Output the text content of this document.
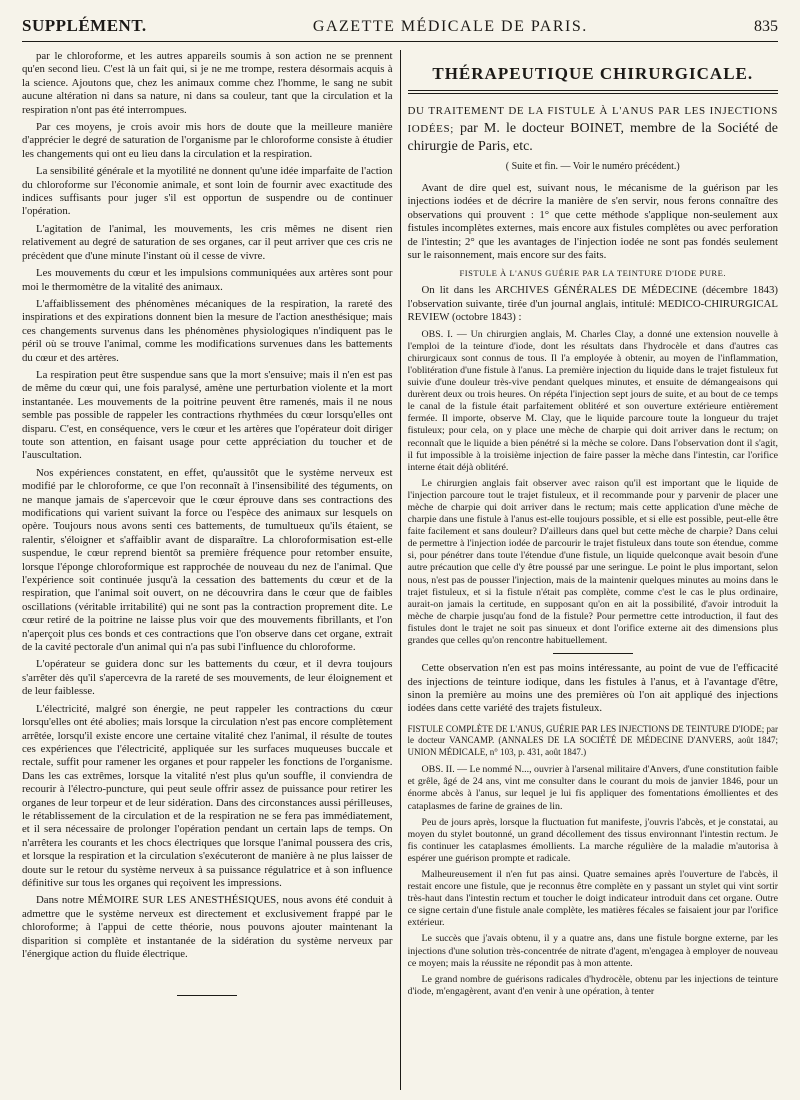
SUPPLÉMENT.	GAZETTE MÉDICALE DE PARIS.	835

par le chloroforme, et les autres appareils soumis à son action ne se prennent qu'en second lieu. C'est là un fait qui, si je ne me trompe, restera désormais acquis à la science. Ajoutons que, chez les animaux comme chez l'homme, le sang ne subit aucune altération ni dans sa nature, ni dans sa couleur, tant que la circulation et la respiration n'ont pas été interrompues.

Par ces moyens, je crois avoir mis hors de doute que la meilleure manière d'apprécier le degré de saturation de l'organisme par le chloroforme consiste à étudier les changements qui ont eu lieu dans la circulation et la respiration.

La sensibilité générale et la myotilité ne donnent qu'une idée imparfaite de l'action du chloroforme sur l'économie animale, et sont loin de fournir avec exactitude des indices suffisants pour juger s'il est opportun de suspendre ou de continuer l'opération.

L'agitation de l'animal, les mouvements, les cris mêmes ne disent rien relativement au degré de saturation de ses organes, car il peut arriver que ces cris ne précèdent que d'une minute l'instant où il cesse de vivre.

Les mouvements du cœur et les impulsions communiquées aux artères sont pour moi le thermomètre de la vitalité des animaux.

L'affaiblissement des phénomènes mécaniques de la respiration, la rareté des inspirations et des expirations donnent bien la mesure de l'action anesthésique; mais ces changements survenus dans les phénomènes physiologiques n'indiquent pas le péril où se trouve l'animal, comme les modifications survenues dans les battements du cœur et des artères.

La respiration peut être suspendue sans que la mort s'ensuive; mais il n'en est pas de même du cœur qui, une fois paralysé, amène une perturbation violente et la mort instantanée. Les mouvements de la poitrine peuvent être ramenés, mais il ne nous semble pas possible de rappeler les contractions rhythmées du cœur lorsqu'elles ont disparu. C'est, en conséquence, vers le cœur et les artères que l'opérateur doit diriger toute son attention, en faisant usage pour cette appréciation du toucher et de l'auscultation.

Nos expériences constatent, en effet, qu'aussitôt que le système nerveux est modifié par le chloroforme, ce que l'on reconnaît à l'insensibilité des téguments, on ne manque jamais de s'apercevoir que le cœur éprouve dans ses contractions des modifications qui varient suivant la force ou l'espèce des animaux sur lesquels on opère. Toujours nous avons senti ces battements, de tumultueux qu'ils étaient, se ralentir, s'éloigner et s'affaiblir avant de disparaître. La chloroformisation est-elle suspendue, le cœur reprend bientôt sa première fréquence pour retomber ensuite, lorsque l'éponge chloroformique est rapprochée de nouveau du nez de l'animal. Que l'expérience soit continuée jusqu'à la cessation des battements du cœur et de la respiration, que l'animal soit ouvert, on ne découvrira dans le cœur que de faibles oscillations (véritable irritabilité) qui ne sont pas la contraction proprement dite. Le cœur retiré de la poitrine ne laisse plus voir que des mouvements fibrillants, et l'on n'aperçoit plus ces bonds et ces contractions que l'on observe dans cet organe, extrait de la cavité pectorale d'un animal qui n'a pas subi l'influence du chloroforme.

L'opérateur se guidera donc sur les battements du cœur, et il devra toujours s'arrêter dès qu'il s'apercevra de la rareté de ses mouvements, de leur éloignement et de leur faiblesse.

L'électricité, malgré son énergie, ne peut rappeler les contractions du cœur lorsqu'elles ont été abolies; mais lorsque la circulation n'est pas encore complètement arrêtée, lorsqu'il existe encore une certaine vitalité chez l'animal, il résulte de toutes ces expériences que l'électricité, appliquée sur les surfaces muqueuses buccale et rectale, suffit pour ramener les organes et pour rappeler les fonctions de l'organisme. Dans les cas extrêmes, lorsque la vitalité n'est plus qu'un souffle, il conviendra de recourir à l'électro-puncture, qui peut seule offrir assez de puissance pour retirer les organes de leur torpeur et de leur sidération. Dans des circonstances aussi périlleuses, le rétablissement de la circulation et de la respiration ne se fera pas immédiatement, et il sera nécessaire de prolonger l'opération pendant un certain laps de temps. On n'arrêtera les courants et les chocs électriques que lorsque l'animal poussera des cris, et lorsque la respiration et la circulation s'exécuteront de manière à ne plus laisser de doute sur le retour du système nerveux à sa puissance régulatrice et à son influence définitive sur tous les organes qui reçoivent les impressions.

Dans notre MÉMOIRE SUR LES ANESTHÉSIQUES, nous avons été conduit à admettre que le système nerveux est directement et exclusivement frappé par le chloroforme; à l'appui de cette théorie, nous pouvons ajouter maintenant la disparition si complète et instantanée de la sidération du système nerveux par l'énergique action du fluide électrique.

THÉRAPEUTIQUE CHIRURGICALE.
DU TRAITEMENT DE LA FISTULE À L'ANUS PAR LES INJECTIONS IODÉES; par M. le docteur BOINET, membre de la Société de chirurgie de Paris, etc.
( Suite et fin. — Voir le numéro précédent.)

Avant de dire quel est, suivant nous, le mécanisme de la guérison par les injections iodées et de décrire la manière de s'en servir, nous ferons connaître des observations qui prouvent : 1° que cette méthode s'applique non-seulement aux fistules incomplètes externes, mais encore aux fistules complètes ou avec perforation de l'intestin; 2° que les avantages de l'injection iodée ne sont pas fondés seulement sur le raisonnement, mais encore sur des faits.

FISTULE À L'ANUS GUÉRIE PAR LA TEINTURE D'IODE PURE.

On lit dans les ARCHIVES GÉNÉRALES DE MÉDECINE (décembre 1843) l'observation suivante, tirée d'un journal anglais, intitulé: MEDICO-CHIRURGICAL REVIEW (octobre 1843) :

OBS. I. — Un chirurgien anglais, M. Charles Clay, a donné une extension nouvelle à l'emploi de la teinture d'iode, dont les résultats dans l'hydrocèle et dans d'autres cas chirurgicaux sont connus de tous. Il l'a employée à obtenir, au moyen de l'inflammation, l'oblitération d'une fistule à l'anus. La première injection du liquide dans le trajet fistuleux fut suivie d'une douleur très-vive pendant quelques minutes, et ensuite de démangeaisons qui durèrent deux ou trois heures. On répéta l'injection sept jours de suite, et au bout de ce temps le canal de la fistule était parfaitement oblitéré et son ouverture extérieure entièrement fermée. Il importe, observe M. Clay, que le liquide parcoure toute la longueur du trajet fistuleux; pour cela, on y place une mèche de charpie qui doit arriver dans le rectum; on reconnaît que le liquide a bien pénétré si la mèche se colore. Dans l'observation dont il s'agit, il fut impossible à la troisième injection de faire passer la mèche dans l'intestin, car l'orifice interne était déjà oblitéré.

Le chirurgien anglais fait observer avec raison qu'il est important que le liquide de l'injection parcoure tout le trajet fistuleux, et il recommande pour y parvenir de placer une mèche de charpie qui doit arriver dans le rectum; mais cette application d'une mèche de charpie dans une fistule à l'anus est-elle toujours possible, et si elle est possible, peut-elle être faite facilement et sans douleur? D'ailleurs dans quel but cette mèche de charpie? Dans celui de permettre à l'injection iodée de parcourir le trajet fistuleux dans toute son étendue, comme si, pour pénétrer dans toute l'étendue d'une fistule, un liquide quelconque avait besoin d'une autre précaution que celle d'y être poussé par une seringue. Le point le plus important, selon nous, n'est pas de pousser l'injection, mais de la maintenir quelques minutes au moins dans le trajet fistuleux, et si la fistule n'était pas complète, comme c'est le cas le plus ordinaire, aurait-on jamais la certitude, en supposant qu'on en ait la possibilité, d'avoir introduit la mèche de charpie jusqu'au fond de la fistule? Pour permettre cette introduction, il faut des fistules dont le trajet ne soit pas sinueux et dont l'orifice externe ait des dimensions plus grandes que celles qu'on rencontre habituellement.

Cette observation n'en est pas moins intéressante, au point de vue de l'efficacité des injections de teinture iodique, dans les fistules à l'anus, et à l'avantage d'être, sinon la première au moins une des premières où l'on ait appliqué des injections iodées dans cette variété des trajets fistuleux.

FISTULE COMPLÈTE DE L'ANUS, GUÉRIE PAR LES INJECTIONS DE TEINTURE D'IODE; par le docteur VANCAMP. (ANNALES DE LA SOCIÉTÉ DE MÉDECINE D'ANVERS, août 1847; UNION MÉDICALE, n° 103, p. 431, août 1847.)

OBS. II. — Le nommé N..., ouvrier à l'arsenal militaire d'Anvers, d'une constitution faible et grêle, âgé de 24 ans, vint me consulter dans le courant du mois de janvier 1846, pour un énorme abcès à l'anus, sur lequel je lui fis appliquer des fomentations émollientes et des cataplasmes de farine de graines de lin.

Peu de jours après, lorsque la fluctuation fut manifeste, j'ouvris l'abcès, et je constatai, au moyen du stylet boutonné, un grand décollement des tissus environnant l'intestin rectum. Je fis continuer les cataplasmes émollients. La marche régulière de la maladie m'autorisa à espérer une guérison prompte et radicale.

Malheureusement il n'en fut pas ainsi. Quatre semaines après l'ouverture de l'abcès, il restait encore une fistule, que je reconnus être complète en y passant un stylet qui vint sortir très-haut dans l'intestin rectum et toucher le doigt indicateur introduit dans cet organe. Outre ce signe certain d'une fistule anale complète, les matières fécales se faisaient jour par l'orifice extérieur.

Le succès que j'avais obtenu, il y a quatre ans, dans une fistule borgne externe, par les injections d'une solution très-concentrée de nitrate d'agent, m'engagea à employer de nouveau ce moyen; mais la réussite ne répondit pas à mon attente.

Le grand nombre de guérisons radicales d'hydrocèle, obtenu par les injections de teinture d'iode, m'engagèrent, avant d'en venir à une opération, à tenter
